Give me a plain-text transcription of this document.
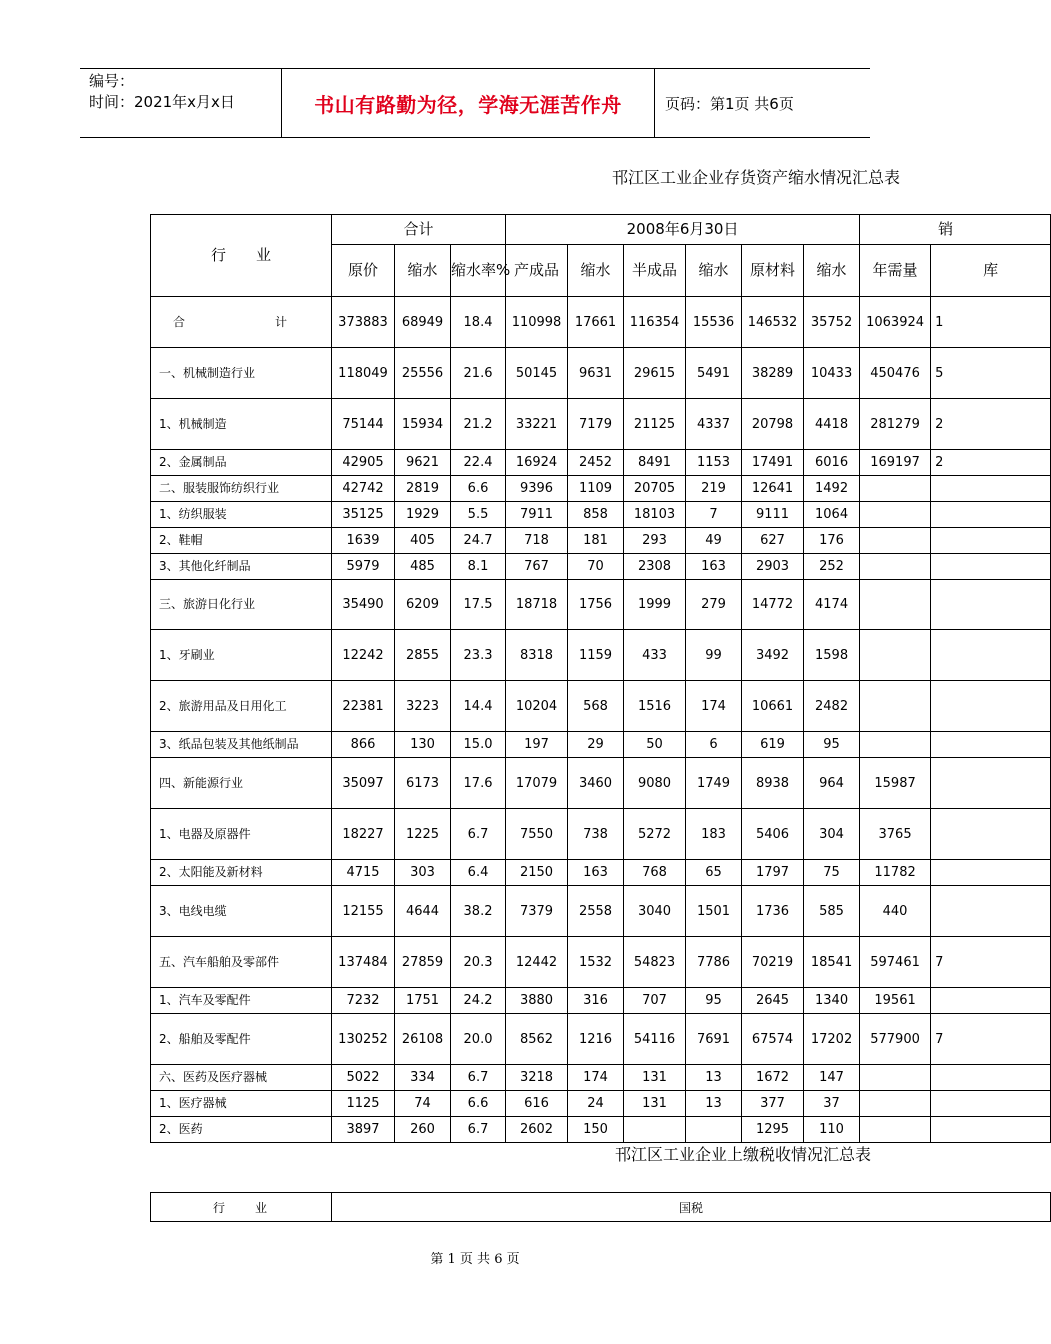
编号：
时间：2021年x月x日	书山有路勤为径，学海无涯苦作舟	页码：第1页 共6页
邗江区工业企业存货资产缩水情况汇总表
行　　业	合计			2008年6月30日						销	
	原价	缩水	缩水率%	产成品	缩水	半成品	缩水	原材料	缩水	年需量	库
合　　计	373883	68949	18.4	110998	17661	116354	15536	146532	35752	1063924	1
一、机械制造行业	118049	25556	21.6	50145	9631	29615	5491	38289	10433	450476	5
1、机械制造	75144	15934	21.2	33221	7179	21125	4337	20798	4418	281279	2
2、金属制品	42905	9621	22.4	16924	2452	8491	1153	17491	6016	169197	2
二、服装服饰纺织行业	42742	2819	6.6	9396	1109	20705	219	12641	1492		
1、纺织服装	35125	1929	5.5	7911	858	18103	7	9111	1064		
2、鞋帽	1639	405	24.7	718	181	293	49	627	176		
3、其他化纤制品	5979	485	8.1	767	70	2308	163	2903	252		
三、旅游日化行业	35490	6209	17.5	18718	1756	1999	279	14772	4174		
1、牙刷业	12242	2855	23.3	8318	1159	433	99	3492	1598		
2、旅游用品及日用化工	22381	3223	14.4	10204	568	1516	174	10661	2482		
3、纸品包装及其他纸制品	866	130	15.0	197	29	50	6	619	95		
四、新能源行业	35097	6173	17.6	17079	3460	9080	1749	8938	964	15987	
1、电器及原器件	18227	1225	6.7	7550	738	5272	183	5406	304	3765	
2、太阳能及新材料	4715	303	6.4	2150	163	768	65	1797	75	11782	
3、电线电缆	12155	4644	38.2	7379	2558	3040	1501	1736	585	440	
五、汽车船舶及零部件	137484	27859	20.3	12442	1532	54823	7786	70219	18541	597461	7
1、汽车及零配件	7232	1751	24.2	3880	316	707	95	2645	1340	19561	
2、船舶及零配件	130252	26108	20.0	8562	1216	54116	7691	67574	17202	577900	7
六、医药及医疗器械	5022	334	6.7	3218	174	131	13	1672	147		
1、医疗器械	1125	74	6.6	616	24	131	13	377	37		
2、医药	3897	260	6.7	2602	150			1295	110		
邗江区工业企业上缴税收情况汇总表
行　　业	国税
第 1 页 共 6 页
